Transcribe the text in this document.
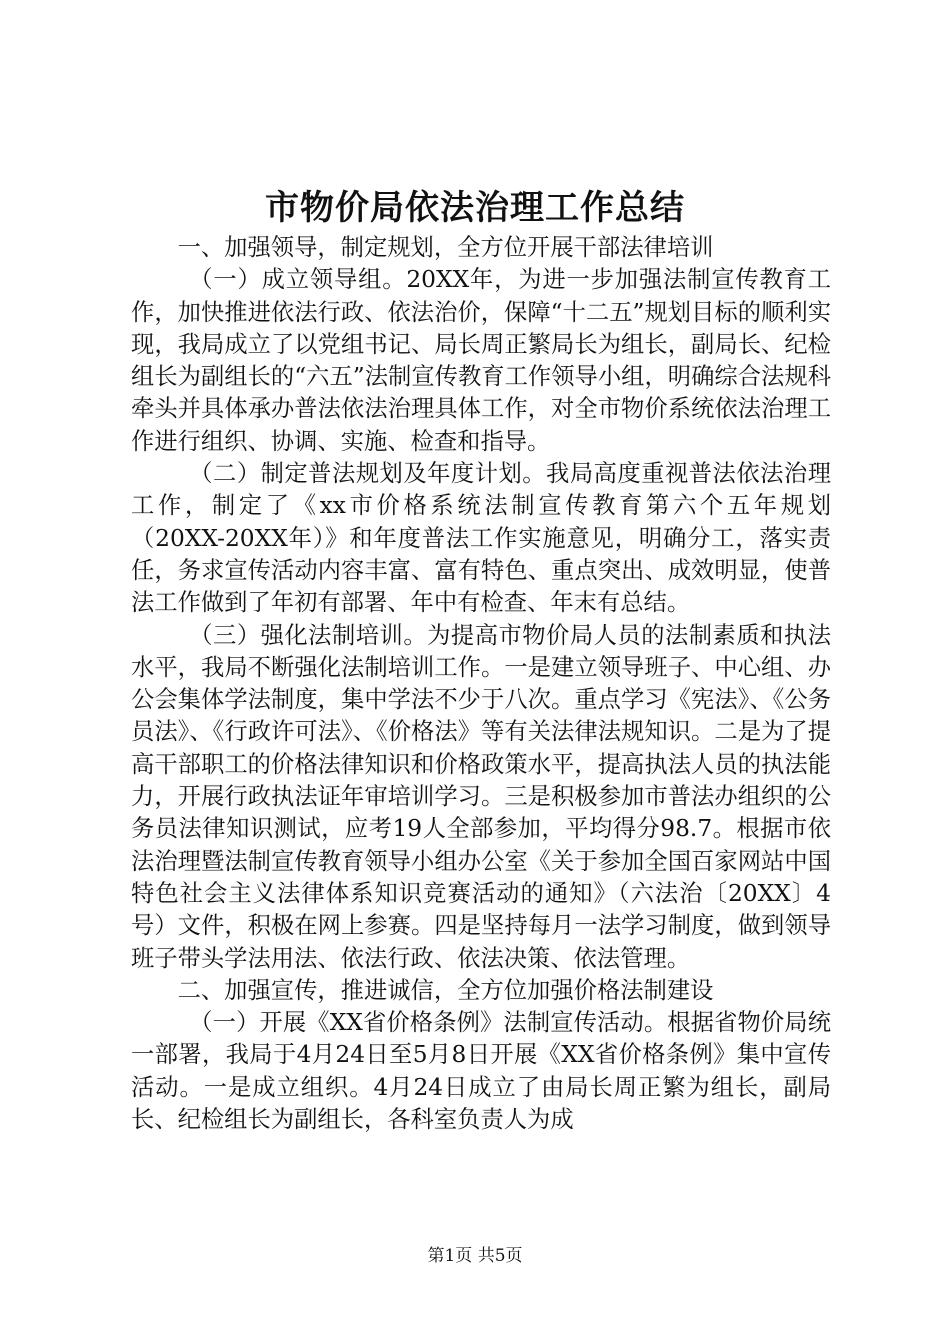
市物价局依法治理工作总结

一、加强领导，制定规划，全方位开展干部法律培训

（一）成立领导组。20XX年，为进一步加强法制宣传教育工作，加快推进依法行政、依法治价，保障“十二五”规划目标的顺利实现，我局成立了以党组书记、局长周正繁局长为组长，副局长、纪检组长为副组长的“六五”法制宣传教育工作领导小组，明确综合法规科牵头并具体承办普法依法治理具体工作，对全市物价系统依法治理工作进行组织、协调、实施、检查和指导。

（二）制定普法规划及年度计划。我局高度重视普法依法治理工作，制定了《xx市价格系统法制宣传教育第六个五年规划（20XX-20XX年）》和年度普法工作实施意见，明确分工，落实责任，务求宣传活动内容丰富、富有特色、重点突出、成效明显，使普法工作做到了年初有部署、年中有检查、年末有总结。

（三）强化法制培训。为提高市物价局人员的法制素质和执法水平，我局不断强化法制培训工作。一是建立领导班子、中心组、办公会集体学法制度，集中学法不少于八次。重点学习《宪法》、《公务员法》、《行政许可法》、《价格法》等有关法律法规知识。二是为了提高干部职工的价格法律知识和价格政策水平，提高执法人员的执法能力，开展行政执法证年审培训学习。三是积极参加市普法办组织的公务员法律知识测试，应考19人全部参加，平均得分98.7。根据市依法治理暨法制宣传教育领导小组办公室《关于参加全国百家网站中国特色社会主义法律体系知识竞赛活动的通知》（六法治〔20XX〕4号）文件，积极在网上参赛。四是坚持每月一法学习制度，做到领导班子带头学法用法、依法行政、依法决策、依法管理。

二、加强宣传，推进诚信，全方位加强价格法制建设

（一）开展《XX省价格条例》法制宣传活动。根据省物价局统一部署，我局于4月24日至5月8日开展《XX省价格条例》集中宣传活动。一是成立组织。4月24日成立了由局长周正繁为组长，副局长、纪检组长为副组长，各科室负责人为成

第1页 共5页
